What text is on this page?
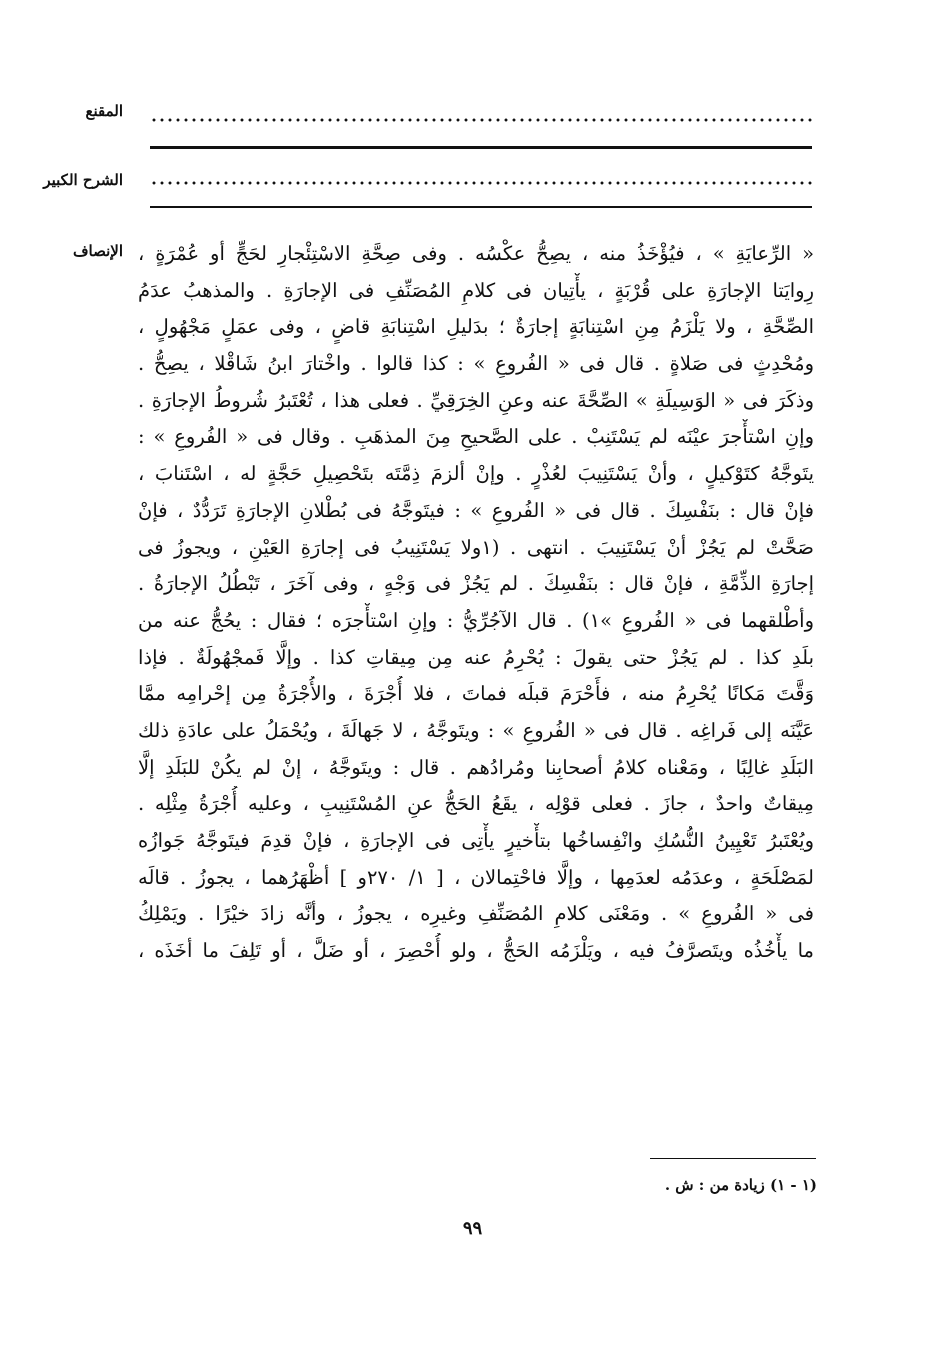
المقنع
الشرح الكبير
الإنصاف « الرِّعايَةِ » ، فيُؤْخَذُ منه ، يصِحُّ عكْسُه . وفى صِحَّةِ الاسْتِئْجارِ لحَجٍّ أو عُمْرَةٍ ،
رِوايَتا الإجارَةِ على قُرْبَةٍ ، يأْتِيان فى كلامِ المُصَنِّفِ فى الإجارَةِ . والمذهبُ عدَمُ
الصِّحَّةِ ، ولا يَلْزَمُ مِنِ اسْتِنابَةٍ إجارَةٌ ؛ بدَليلِ اسْتِنابَةِ قاضٍ ، وفى عمَلٍ مَجْهُولٍ ،
ومُحْدِثٍ فى صَلاةٍ . قال فى « الفُروعِ » : كذا قالوا . واخْتارَ ابنُ شَاقْلا ، يصِحُّ .
وذكَرَ فى « الوَسِيلَةِ » الصِّحَّةَ عنه وعنِ الخِرَقِيِّ . فعلى هذا ، تُعْتَبرُ شُروطُ الإجارَةِ .
وإنِ اسْتأْجرَ عيْنَه لم يَسْتَنِبْ . على الصَّحيحِ مِنَ المذهَبِ . وقال فى « الفُروعِ » :
يتَوجَّهُ كتَوْكيلٍ ، وأنْ يَسْتَنِيبَ لعُذْرٍ . وإنْ ألزمَ ذِمَّتَه بتَحْصِيلِ حَجَّةٍ له ، اسْتَنابَ ،
فإنْ قال : بنَفْسِكَ . قال فى « الفُروعِ » : فيتَوجَّهُ فى بُطْلانِ الإجارَةِ تَرَدُّدٌ ، فإنْ
صَحَّتْ لم يَجُزْ أنْ يَسْتَنِيبَ . انتهى . (١ولا يَسْتَنِيبُ فى إجارَةِ العَيْنِ ، ويجوزُ فى
إجارَةِ الذِّمَّةِ ، فإنْ قال : بنَفْسِكَ . لم يَجُزْ فى وَجْهٍ ، وفى آخَرَ ، تَبْطُلُ الإجارَةُ .
وأطْلقهما فى « الفُروعِ »١) . قال الآجُرِّيُّ : وإنِ اسْتأْجرَه ؛ فقال : يحُجُّ عنه من
بلَدِ كذا . لم يَجُزْ حتى يقولَ : يُحْرِمُ عنه مِن مِيقاتِ كذا . وإلَّا فَمجْهُولَةٌ . فإذا
وَقَّتَ مَكانًا يُحْرِمُ منه ، فأَحْرَمَ قبلَه فماتَ ، فلا أُجْرَةَ ، والأُجْرَةُ مِن إحْرامِه ممَّا
عَيَّنَه إلى فَراغِه . قال فى « الفُروعِ » : ويتَوجَّهُ ، لا جَهالَةَ ، ويُحْمَلُ على عادَةِ ذلك
البَلَدِ غالِبًا ، ومَعْناه كلامُ أصحابِنا ومُرادُهم . قال : ويتَوجَّهُ ، إنْ لم يكُنْ للبَلَدِ إلَّا
مِيقاتٌ واحدٌ ، جازَ . فعلى قوْلِه ، يقَعُ الحَجُّ عنِ المُسْتَنِيبِ ، وعليه أُجْرَةُ مِثْلِه .
ويُعْتَبرُ تَعْيِينُ النُّسُكِ وانْفِساخُها بتأْخيرٍ يأْتِى فى الإجارَةِ ، فإنْ قدِمَ فيتَوجَّهُ جَوازُه
لمَصْلَحَةٍ ، وعدَمُه لعدَمِها ، وإلَّا فاحْتِمالان ، [ ١/ ٢٧٠و ] أظْهَرُهما ، يجوزُ . قالَه
فى « الفُروعِ » . ومَعْنَى كلامِ المُصَنِّفِ وغيرِه ، يجوزُ ، وأنَّه زادَ خيْرًا . ويَمْلِكُ
ما يأْخُذُه ويتَصرَّفُ فيه ، ويَلْزَمُه الحَجُّ ، ولو أُحْصِرَ ، أو ضَلَّ ، أو تَلِفَ ما أخَذَه ،
(١ - ١) زيادة من : ش .
٩٩
